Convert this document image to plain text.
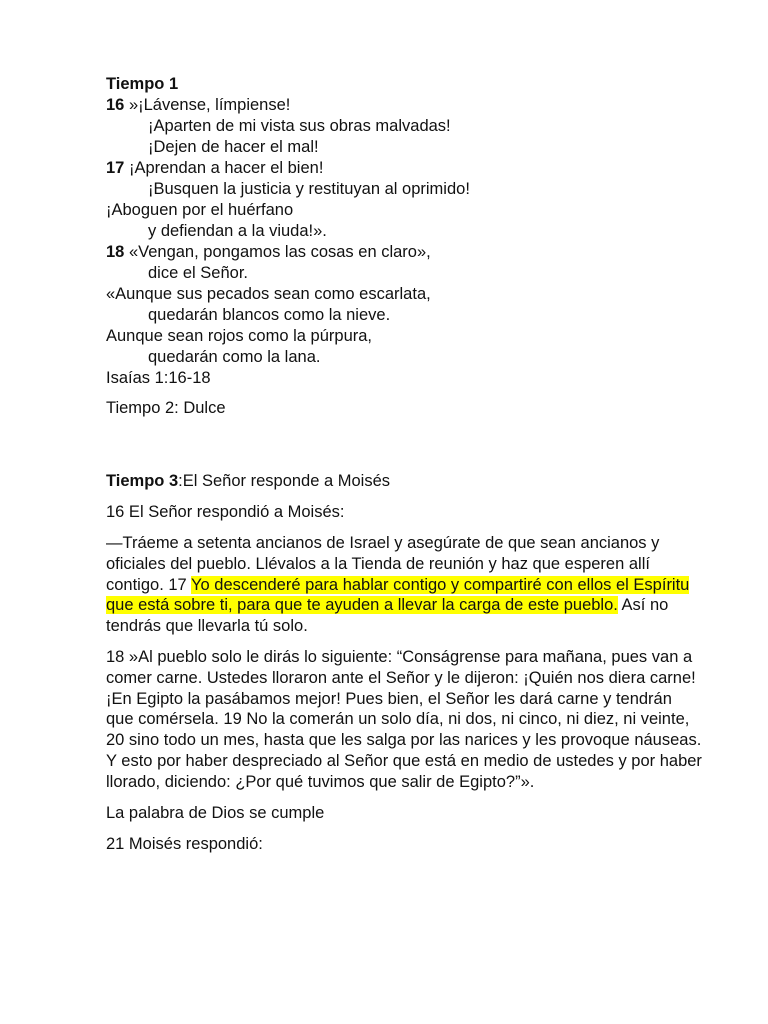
Tiempo 1
16 »¡Lávense, límpiense!
¡Aparten de mi vista sus obras malvadas!
¡Dejen de hacer el mal!
17 ¡Aprendan a hacer el bien!
¡Busquen la justicia y restituyan al oprimido!
¡Aboguen por el huérfano
y defiendan a la viuda!».
18 «Vengan, pongamos las cosas en claro»,
dice el Señor.
«Aunque sus pecados sean como escarlata,
quedarán blancos como la nieve.
Aunque sean rojos como la púrpura,
quedarán como la lana.
Isaías 1:16-18
Tiempo 2: Dulce
Tiempo 3:El Señor responde a Moisés
16 El Señor respondió a Moisés:
—Tráeme a setenta ancianos de Israel y asegúrate de que sean ancianos y oficiales del pueblo. Llévalos a la Tienda de reunión y haz que esperen allí contigo. 17 Yo descenderé para hablar contigo y compartiré con ellos el Espíritu que está sobre ti, para que te ayuden a llevar la carga de este pueblo. Así no tendrás que llevarla tú solo.
18 »Al pueblo solo le dirás lo siguiente: “Conságrense para mañana, pues van a comer carne. Ustedes lloraron ante el Señor y le dijeron: ¡Quién nos diera carne! ¡En Egipto la pasábamos mejor! Pues bien, el Señor les dará carne y tendrán que comérsela. 19 No la comerán un solo día, ni dos, ni cinco, ni diez, ni veinte, 20 sino todo un mes, hasta que les salga por las narices y les provoque náuseas. Y esto por haber despreciado al Señor que está en medio de ustedes y por haber llorado, diciendo: ¿Por qué tuvimos que salir de Egipto?”».
La palabra de Dios se cumple
21 Moisés respondió:
